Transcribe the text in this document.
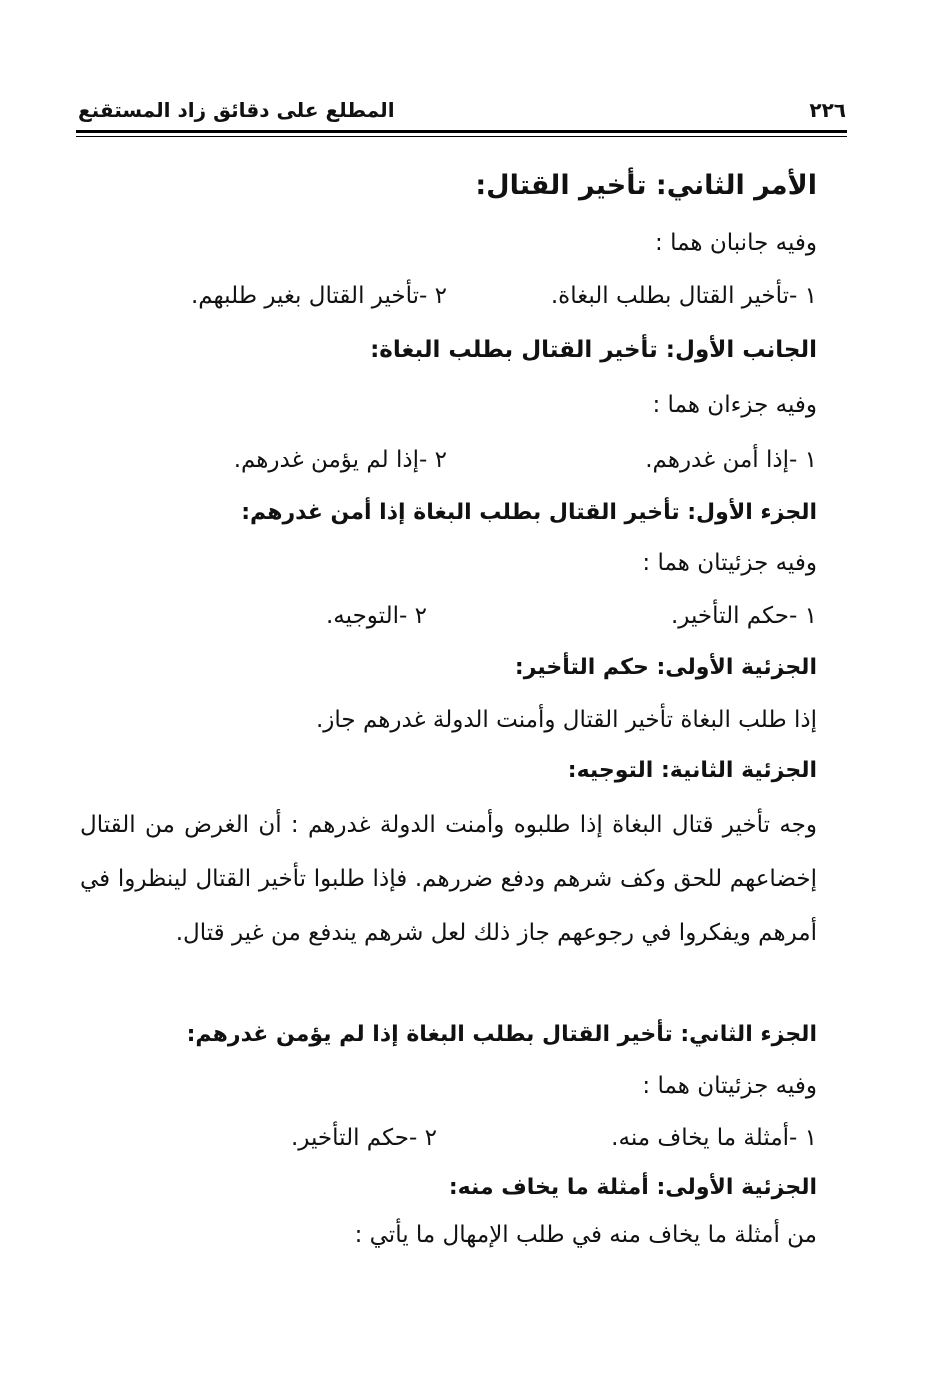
٢٢٦
المطلع على دقائق زاد المستقنع
الأمر الثاني: تأخير القتال:
وفيه جانبان هما :
١ -تأخير القتال بطلب البغاة.
٢ -تأخير القتال بغير طلبهم.
الجانب الأول: تأخير القتال بطلب البغاة:
وفيه جزءان هما :
١ -إذا أمن غدرهم.
٢ -إذا لم يؤمن غدرهم.
الجزء الأول: تأخير القتال بطلب البغاة إذا أمن غدرهم:
وفيه جزئيتان هما :
١ -حكم التأخير.
٢ -التوجيه.
الجزئية الأولى: حكم التأخير:
إذا طلب البغاة تأخير القتال وأمنت الدولة غدرهم جاز.
الجزئية الثانية: التوجيه:
وجه تأخير قتال البغاة إذا طلبوه وأمنت الدولة غدرهم : أن الغرض من القتال إخضاعهم للحق وكف شرهم ودفع ضررهم. فإذا طلبوا تأخير القتال لينظروا في أمرهم ويفكروا في رجوعهم جاز ذلك لعل شرهم يندفع من غير قتال.
الجزء الثاني: تأخير القتال بطلب البغاة إذا لم يؤمن غدرهم:
وفيه جزئيتان هما :
١ -أمثلة ما يخاف منه.
٢ -حكم التأخير.
الجزئية الأولى: أمثلة ما يخاف منه:
من أمثلة ما يخاف منه في طلب الإمهال ما يأتي :
